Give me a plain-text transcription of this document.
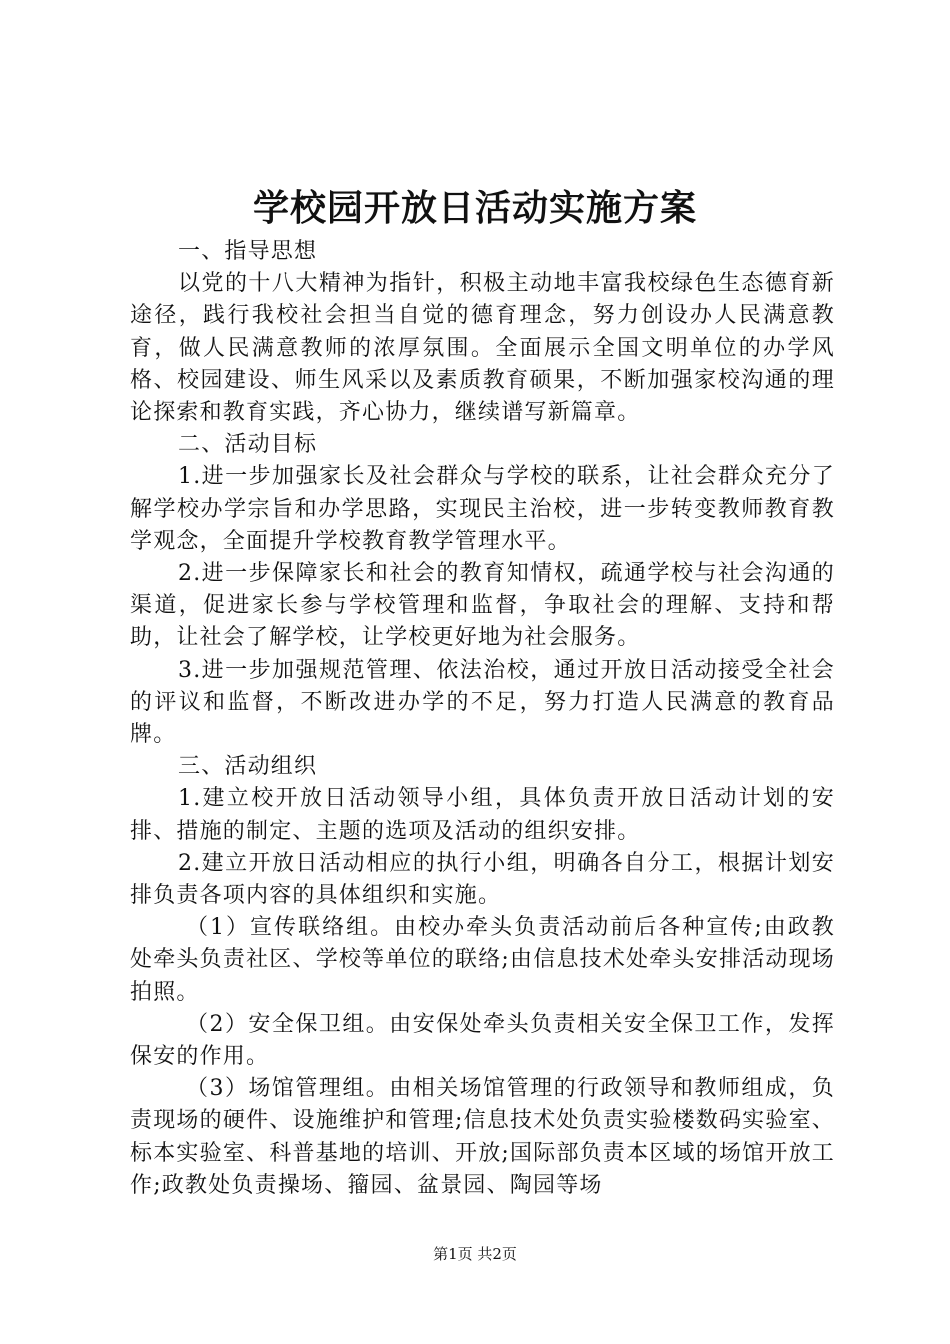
学校园开放日活动实施方案

一、指导思想

以党的十八大精神为指针，积极主动地丰富我校绿色生态德育新途径，践行我校社会担当自觉的德育理念，努力创设办人民满意教育，做人民满意教师的浓厚氛围。全面展示全国文明单位的办学风格、校园建设、师生风采以及素质教育硕果，不断加强家校沟通的理论探索和教育实践，齐心协力，继续谱写新篇章。

二、活动目标

1.进一步加强家长及社会群众与学校的联系，让社会群众充分了解学校办学宗旨和办学思路，实现民主治校，进一步转变教师教育教学观念，全面提升学校教育教学管理水平。

2.进一步保障家长和社会的教育知情权，疏通学校与社会沟通的渠道，促进家长参与学校管理和监督，争取社会的理解、支持和帮助，让社会了解学校，让学校更好地为社会服务。

3.进一步加强规范管理、依法治校，通过开放日活动接受全社会的评议和监督，不断改进办学的不足，努力打造人民满意的教育品牌。

三、活动组织

1.建立校开放日活动领导小组，具体负责开放日活动计划的安排、措施的制定、主题的选项及活动的组织安排。

2.建立开放日活动相应的执行小组，明确各自分工，根据计划安排负责各项内容的具体组织和实施。

（1）宣传联络组。由校办牵头负责活动前后各种宣传;由政教处牵头负责社区、学校等单位的联络;由信息技术处牵头安排活动现场拍照。

（2）安全保卫组。由安保处牵头负责相关安全保卫工作，发挥保安的作用。

（3）场馆管理组。由相关场馆管理的行政领导和教师组成，负责现场的硬件、设施维护和管理;信息技术处负责实验楼数码实验室、标本实验室、科普基地的培训、开放;国际部负责本区域的场馆开放工作;政教处负责操场、籀园、盆景园、陶园等场

第1页 共2页
